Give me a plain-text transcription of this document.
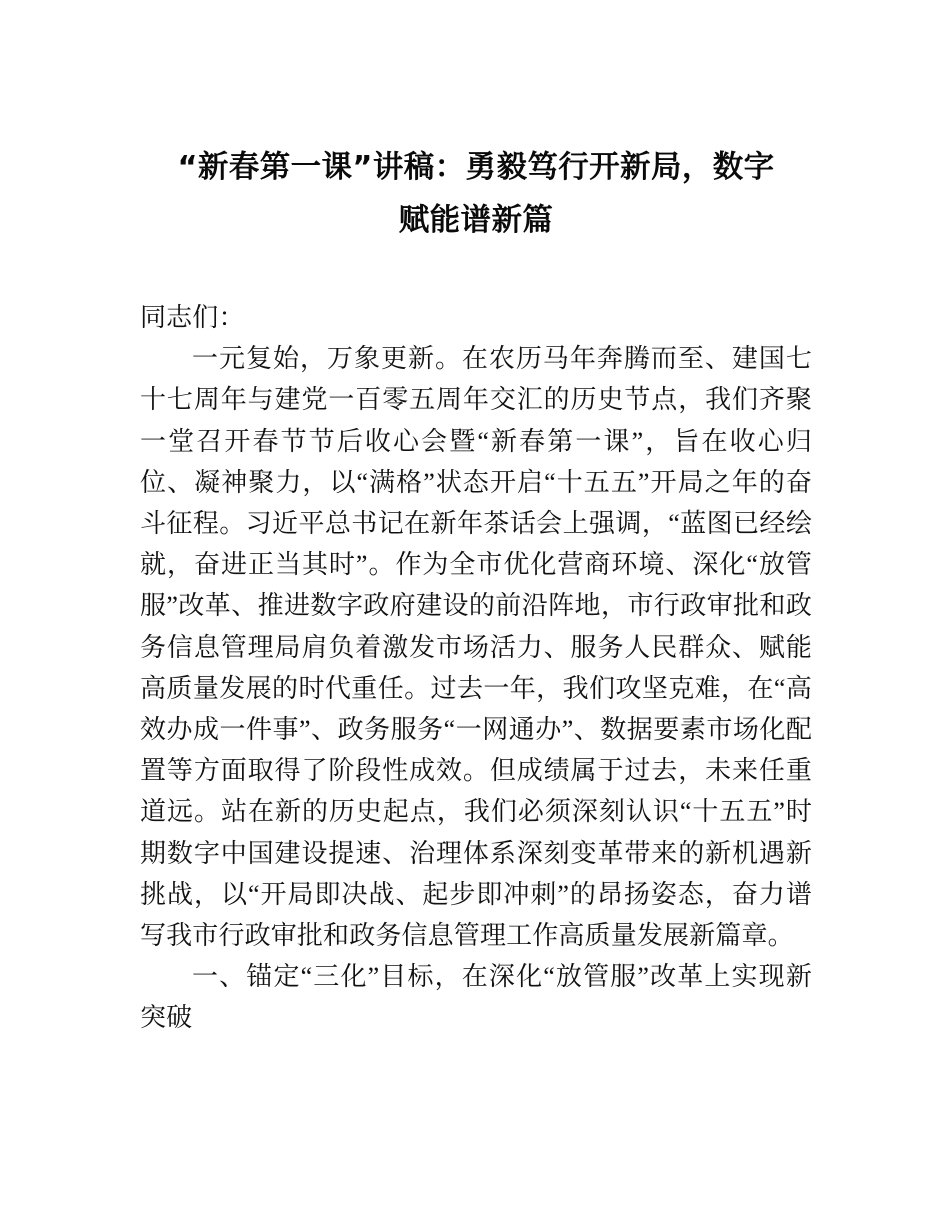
“新春第一课”讲稿：勇毅笃行开新局，数字
赋能谱新篇

同志们：

一元复始，万象更新。在农历马年奔腾而至、建国七十七周年与建党一百零五周年交汇的历史节点，我们齐聚一堂召开春节节后收心会暨“新春第一课”，旨在收心归位、凝神聚力，以“满格”状态开启“十五五”开局之年的奋斗征程。习近平总书记在新年茶话会上强调，“蓝图已经绘就，奋进正当其时”。作为全市优化营商环境、深化“放管服”改革、推进数字政府建设的前沿阵地，市行政审批和政务信息管理局肩负着激发市场活力、服务人民群众、赋能高质量发展的时代重任。过去一年，我们攻坚克难，在“高效办成一件事”、政务服务“一网通办”、数据要素市场化配置等方面取得了阶段性成效。但成绩属于过去，未来任重道远。站在新的历史起点，我们必须深刻认识“十五五”时期数字中国建设提速、治理体系深刻变革带来的新机遇新挑战，以“开局即决战、起步即冲刺”的昂扬姿态，奋力谱写我市行政审批和政务信息管理工作高质量发展新篇章。

一、锚定“三化”目标，在深化“放管服”改革上实现新突破
